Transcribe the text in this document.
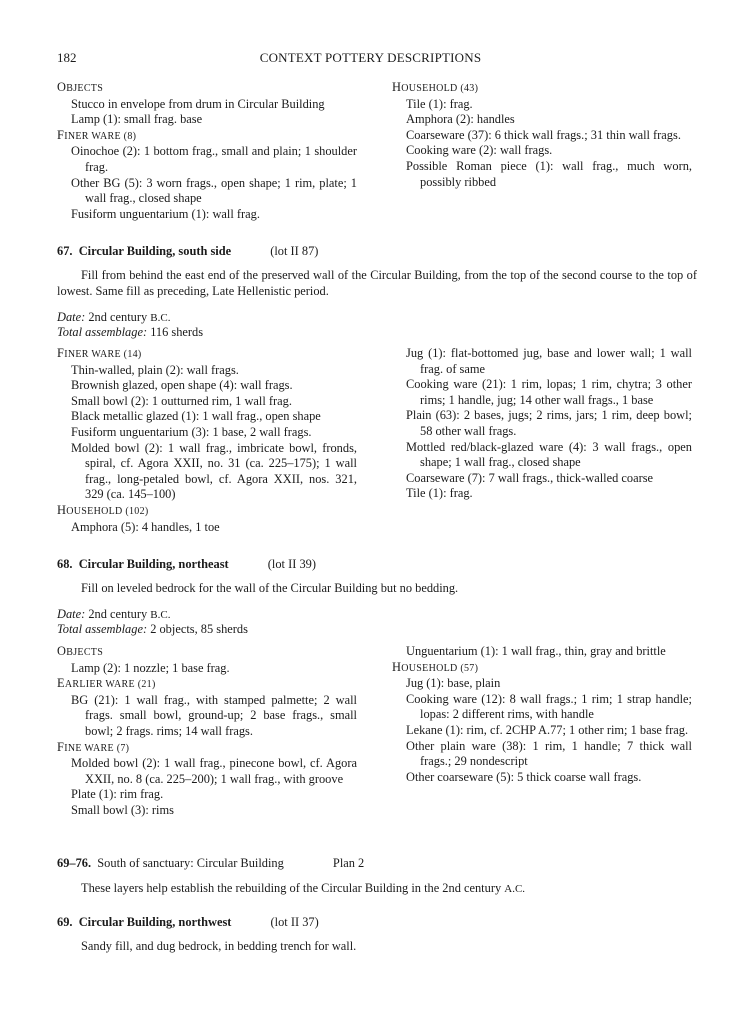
182	CONTEXT POTTERY DESCRIPTIONS
OBJECTS
Stucco in envelope from drum in Circular Building
Lamp (1): small frag. base
FINER WARE (8)
Oinochoe (2): 1 bottom frag., small and plain; 1 shoulder frag.
Other BG (5): 3 worn frags., open shape; 1 rim, plate; 1 wall frag., closed shape
Fusiform unguentarium (1): wall frag.
HOUSEHOLD (43)
Tile (1): frag.
Amphora (2): handles
Coarseware (37): 6 thick wall frags.; 31 thin wall frags.
Cooking ware (2): wall frags.
Possible Roman piece (1): wall frag., much worn, possibly ribbed
67. Circular Building, south side	(lot II 87)
Fill from behind the east end of the preserved wall of the Circular Building, from the top of the second course to the top of lowest. Same fill as preceding, Late Hellenistic period.
Date: 2nd century B.C.
Total assemblage: 116 sherds
FINER WARE (14)
Thin-walled, plain (2): wall frags.
Brownish glazed, open shape (4): wall frags.
Small bowl (2): 1 outturned rim, 1 wall frag.
Black metallic glazed (1): 1 wall frag., open shape
Fusiform unguentarium (3): 1 base, 2 wall frags.
Molded bowl (2): 1 wall frag., imbricate bowl, fronds, spiral, cf. Agora XXII, no. 31 (ca. 225–175); 1 wall frag., long-petaled bowl, cf. Agora XXII, nos. 321, 329 (ca. 145–100)
HOUSEHOLD (102)
Amphora (5): 4 handles, 1 toe
Jug (1): flat-bottomed jug, base and lower wall; 1 wall frag. of same
Cooking ware (21): 1 rim, lopas; 1 rim, chytra; 3 other rims; 1 handle, jug; 14 other wall frags., 1 base
Plain (63): 2 bases, jugs; 2 rims, jars; 1 rim, deep bowl; 58 other wall frags.
Mottled red/black-glazed ware (4): 3 wall frags., open shape; 1 wall frag., closed shape
Coarseware (7): 7 wall frags., thick-walled coarse
Tile (1): frag.
68. Circular Building, northeast	(lot II 39)
Fill on leveled bedrock for the wall of the Circular Building but no bedding.
Date: 2nd century B.C.
Total assemblage: 2 objects, 85 sherds
OBJECTS
Lamp (2): 1 nozzle; 1 base frag.
EARLIER WARE (21)
BG (21): 1 wall frag., with stamped palmette; 2 wall frags. small bowl, ground-up; 2 base frags., small bowl; 2 frags. rims; 14 wall frags.
FINE WARE (7)
Molded bowl (2): 1 wall frag., pinecone bowl, cf. Agora XXII, no. 8 (ca. 225–200); 1 wall frag., with groove
Plate (1): rim frag.
Small bowl (3): rims
Unguentarium (1): 1 wall frag., thin, gray and brittle
HOUSEHOLD (57)
Jug (1): base, plain
Cooking ware (12): 8 wall frags.; 1 rim; 1 strap handle; lopas: 2 different rims, with handle
Lekane (1): rim, cf. 2CHP A.77; 1 other rim; 1 base frag.
Other plain ware (38): 1 rim, 1 handle; 7 thick wall frags.; 29 nondescript
Other coarseware (5): 5 thick coarse wall frags.
69–76. South of sanctuary: Circular Building	Plan 2
These layers help establish the rebuilding of the Circular Building in the 2nd century A.C.
69. Circular Building, northwest	(lot II 37)
Sandy fill, and dug bedrock, in bedding trench for wall.
